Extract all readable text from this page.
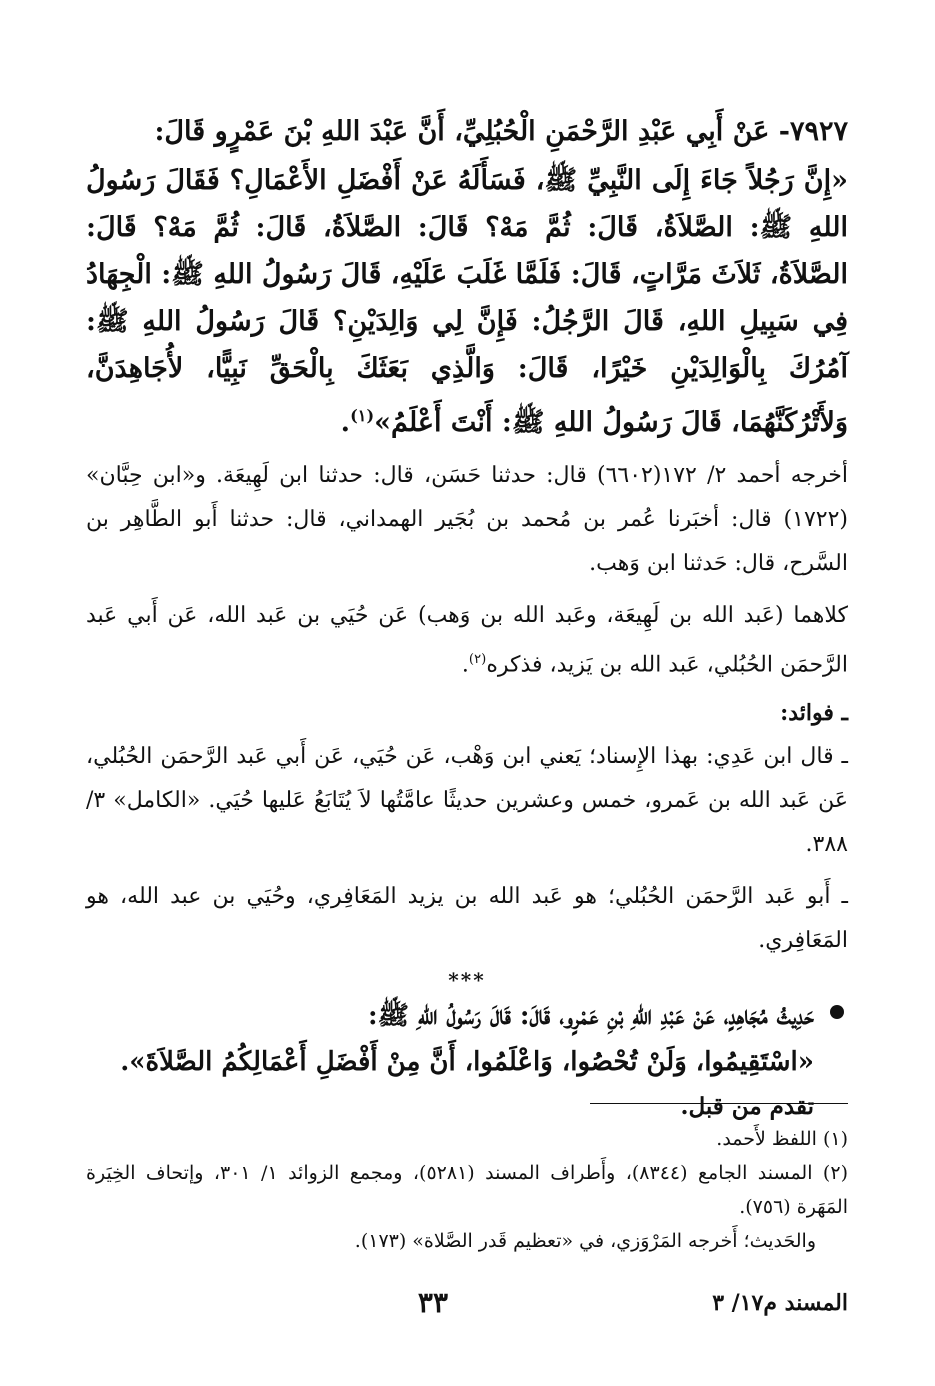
٧٩٢٧- عَنْ أَبِي عَبْدِ الرَّحْمَنِ الْحُبُلِيِّ، أَنَّ عَبْدَ اللهِ بْنَ عَمْرٍو قَالَ:

«إِنَّ رَجُلاً جَاءَ إِلَى النَّبِيِّ ﷺ، فَسَأَلَهُ عَنْ أَفْضَلِ الأَعْمَالِ؟ فَقَالَ رَسُولُ اللهِ ﷺ: الصَّلاَةُ، قَالَ: ثُمَّ مَهْ؟ قَالَ: الصَّلاَةُ، قَالَ: ثُمَّ مَهْ؟ قَالَ: الصَّلاَةُ، ثَلاَثَ مَرَّاتٍ، قَالَ: فَلَمَّا غَلَبَ عَلَيْهِ، قَالَ رَسُولُ اللهِ ﷺ: الْجِهَادُ فِي سَبِيلِ اللهِ، قَالَ الرَّجُلُ: فَإِنَّ لِي وَالِدَيْنِ؟ قَالَ رَسُولُ اللهِ ﷺ: آمُرُكَ بِالْوَالِدَيْنِ خَيْرًا، قَالَ: وَالَّذِي بَعَثَكَ بِالْحَقِّ نَبِيًّا، لأُجَاهِدَنَّ، وَلأَتْرُكَنَّهُمَا، قَالَ رَسُولُ اللهِ ﷺ: أَنْتَ أَعْلَمُ»$^{(١)}$.

أخرجه أحمد ٢/ ١٧٢(٦٦٠٢) قال: حدثنا حَسَن، قال: حدثنا ابن لَهِيعَة. و«ابن حِبَّان» (١٧٢٢) قال: أخبَرنا عُمر بن مُحمد بن بُجَير الهمداني، قال: حدثنا أَبو الطَّاهِر بن السَّرح، قال: حَدثنا ابن وَهب.

كلاهما (عَبد الله بن لَهِيعَة، وعَبد الله بن وَهب) عَن حُيَي بن عَبد الله، عَن أَبي عَبد الرَّحمَن الحُبُلي، عَبد الله بن يَزيد، فذكره$^{(٢)}$.

ـ فوائد:

ـ قال ابن عَدِي: بهذا الإِسناد؛ يَعني ابن وَهْب، عَن حُيَي، عَن أَبي عَبد الرَّحمَن الحُبُلي، عَن عَبد الله بن عَمرو، خمس وعشرين حديثًا عامَّتُها لاَ يُتَابَعُ عَليها حُيَي. «الكامل» ٣/ ٣٨٨.

ـ أَبو عَبد الرَّحمَن الحُبُلي؛ هو عَبد الله بن يزيد المَعَافِري، وحُيَي بن عبد الله، هو المَعَافِري.

***

حَدِيثُ مُجَاهِدٍ، عَنْ عَبْدِ اللهِ بْنِ عَمْرٍو، قَالَ: قَالَ رَسُولُ اللهِ ﷺ:

«اسْتَقِيمُوا، وَلَنْ تُحْصُوا، وَاعْلَمُوا، أَنَّ مِنْ أَفْضَلِ أَعْمَالِكُمُ الصَّلاَةَ».

تقدم من قبل.

(١) اللفظ لأَحمد.

(٢) المسند الجامع (٨٣٤٤)، وأَطراف المسند (٥٢٨١)، ومجمع الزوائد ١/ ٣٠١، وإتحاف الخِيَرة المَهَرة (٧٥٦).

والحَديث؛ أَخرجه المَرْوَزي، في «تعظيم قَدر الصَّلاة» (١٧٣).

المسند م١٧/ ٣
٣٣
